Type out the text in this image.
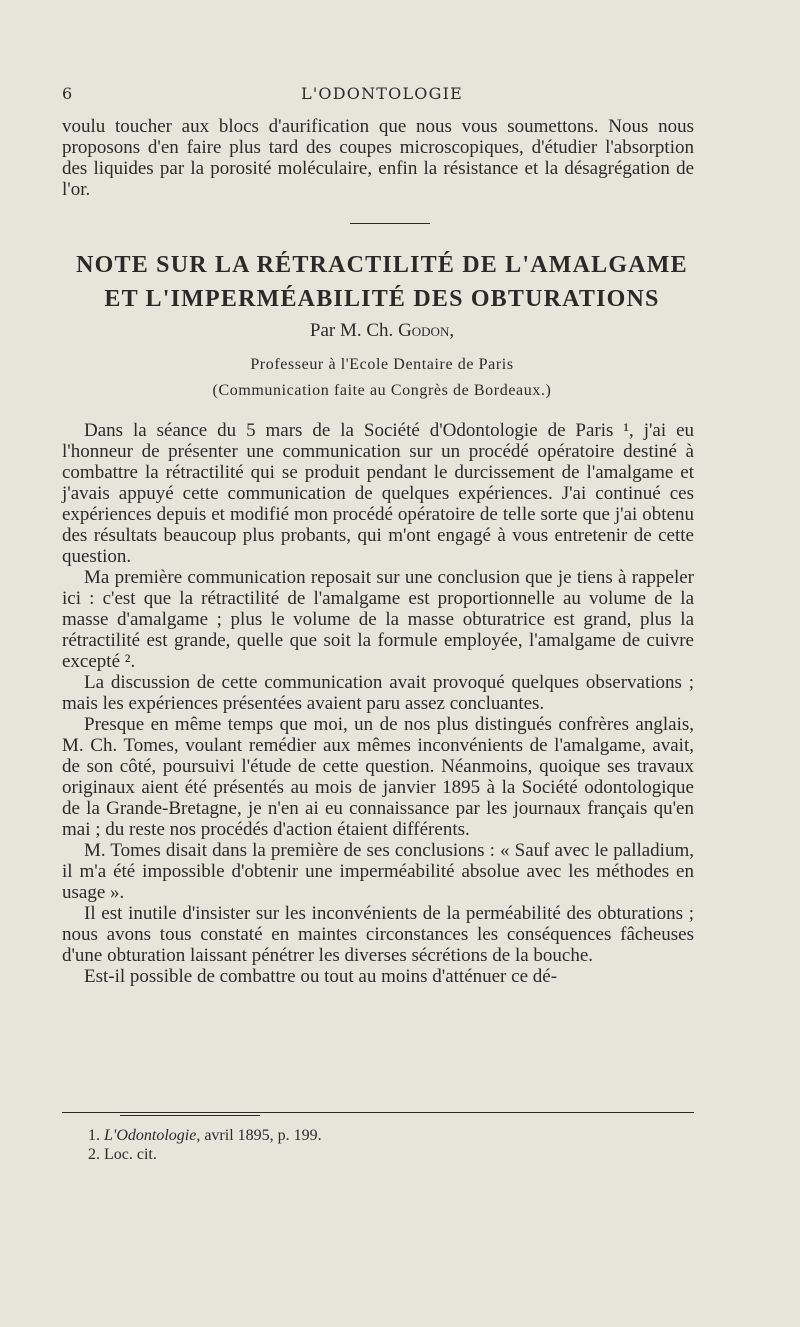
6	L'ODONTOLOGIE

voulu toucher aux blocs d'aurification que nous vous soumettons. Nous nous proposons d'en faire plus tard des coupes microscopiques, d'étudier l'absorption des liquides par la porosité moléculaire, enfin la résistance et la désagrégation de l'or.

NOTE SUR LA RÉTRACTILITÉ DE L'AMALGAME
ET L'IMPERMÉABILITÉ DES OBTURATIONS
Par M. Ch. Godon,
Professeur à l'Ecole Dentaire de Paris
(Communication faite au Congrès de Bordeaux.)

Dans la séance du 5 mars de la Société d'Odontologie de Paris ¹, j'ai eu l'honneur de présenter une communication sur un procédé opératoire destiné à combattre la rétractilité qui se produit pendant le durcissement de l'amalgame et j'avais appuyé cette communication de quelques expériences. J'ai continué ces expériences depuis et modifié mon procédé opératoire de telle sorte que j'ai obtenu des résultats beaucoup plus probants, qui m'ont engagé à vous entretenir de cette question.

Ma première communication reposait sur une conclusion que je tiens à rappeler ici : c'est que la rétractilité de l'amalgame est proportionnelle au volume de la masse d'amalgame ; plus le volume de la masse obturatrice est grand, plus la rétractilité est grande, quelle que soit la formule employée, l'amalgame de cuivre excepté ².

La discussion de cette communication avait provoqué quelques observations ; mais les expériences présentées avaient paru assez concluantes.

Presque en même temps que moi, un de nos plus distingués confrères anglais, M. Ch. Tomes, voulant remédier aux mêmes inconvénients de l'amalgame, avait, de son côté, poursuivi l'étude de cette question. Néanmoins, quoique ses travaux originaux aient été présentés au mois de janvier 1895 à la Société odontologique de la Grande-Bretagne, je n'en ai eu connaissance par les journaux français qu'en mai ; du reste nos procédés d'action étaient différents.

M. Tomes disait dans la première de ses conclusions : « Sauf avec le palladium, il m'a été impossible d'obtenir une imperméabilité absolue avec les méthodes en usage ».

Il est inutile d'insister sur les inconvénients de la perméabilité des obturations ; nous avons tous constaté en maintes circonstances les conséquences fâcheuses d'une obturation laissant pénétrer les diverses sécrétions de la bouche.

Est-il possible de combattre ou tout au moins d'atténuer ce dé-

1. L'Odontologie, avril 1895, p. 199.
2. Loc. cit.
